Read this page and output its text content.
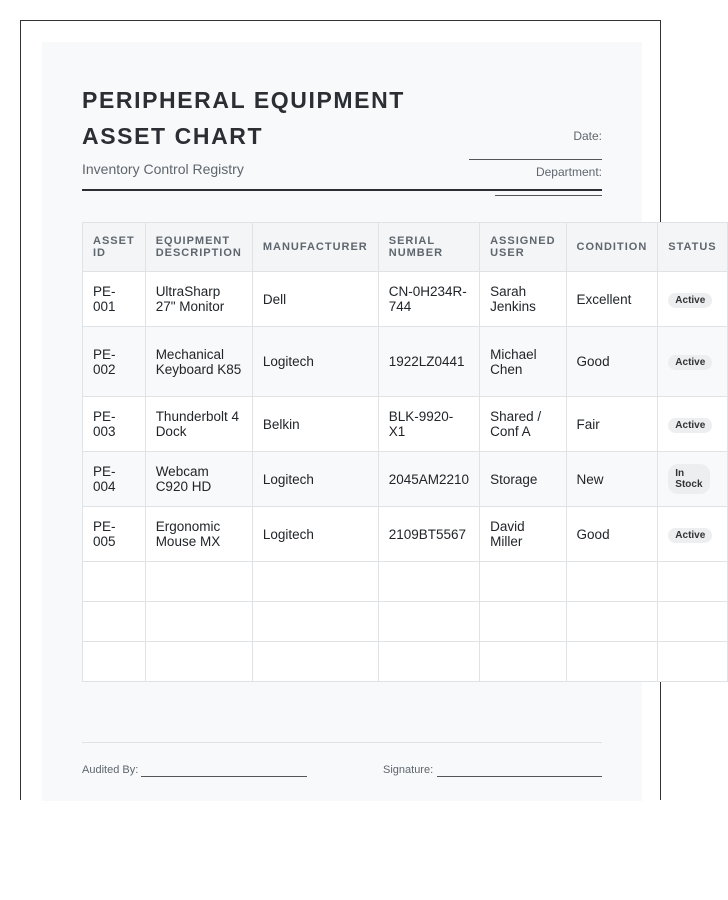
PERIPHERAL EQUIPMENT ASSET CHART
Inventory Control Registry
Date:
Department:
ASSET ID	EQUIPMENT DESCRIPTION	MANUFACTURER	SERIAL NUMBER	ASSIGNED USER	CONDITION	STATUS
PE-001	UltraSharp 27" Monitor	Dell	CN-0H234R-744	Sarah Jenkins	Excellent	Active
PE-002	Mechanical Keyboard K85	Logitech	1922LZ0441	Michael Chen	Good	Active
PE-003	Thunderbolt 4 Dock	Belkin	BLK-9920-X1	Shared / Conf A	Fair	Active
PE-004	Webcam C920 HD	Logitech	2045AM2210	Storage	New	In Stock
PE-005	Ergonomic Mouse MX	Logitech	2109BT5567	David Miller	Good	Active

Audited By:	Signature:
